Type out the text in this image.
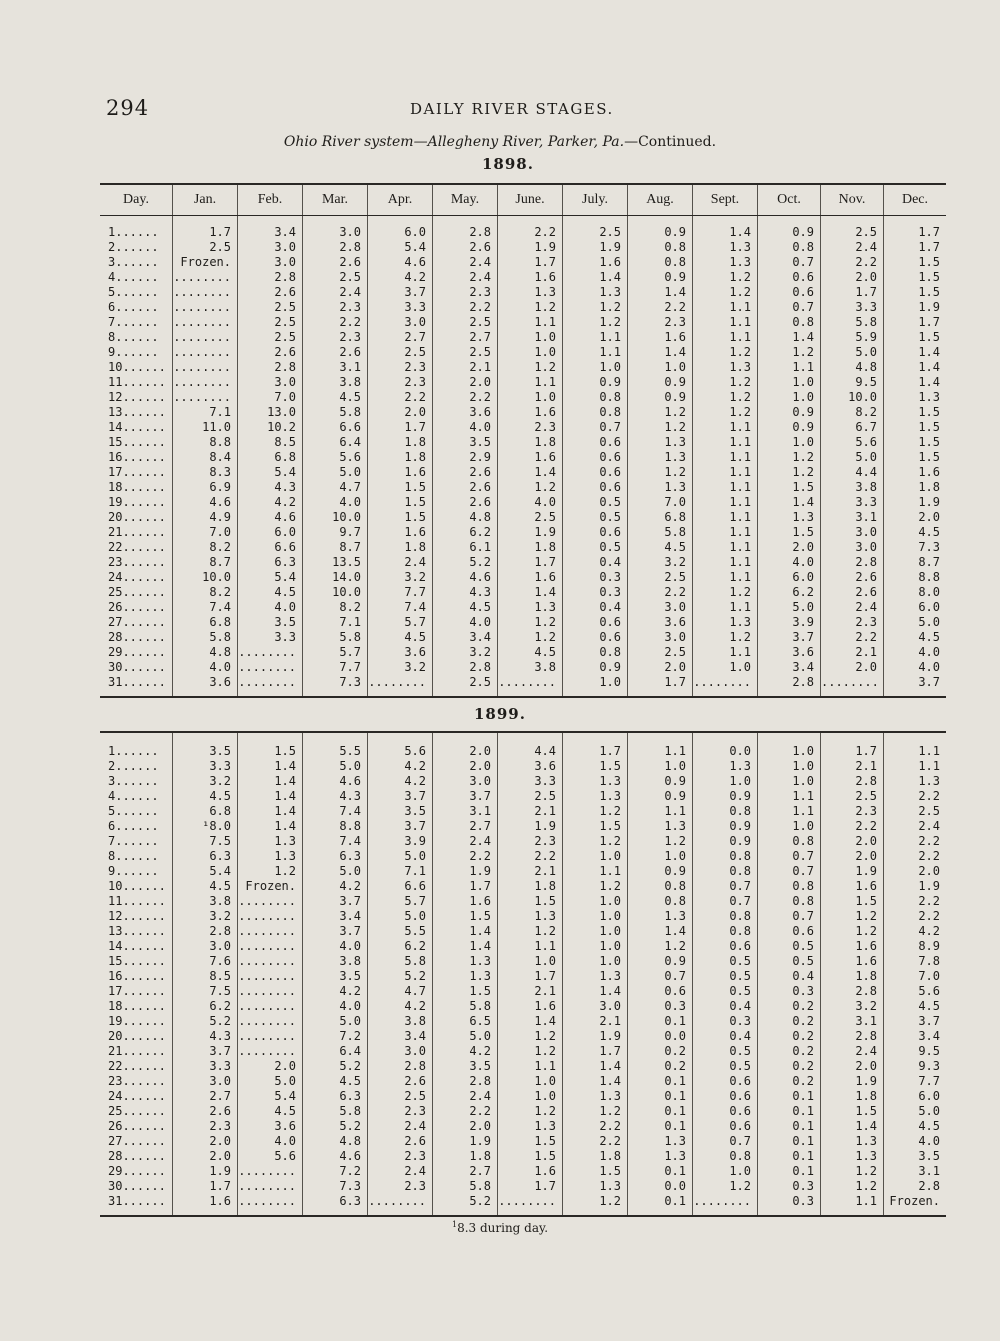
294	DAILY RIVER STAGES.
Ohio River system—Allegheny River, Parker, Pa.—Continued.
1898.
Day.	Jan.	Feb.	Mar.	Apr.	May.	June.	July.	Aug.	Sept.	Oct.	Nov.	Dec.
1......	1.7	3.4	3.0	6.0	2.8	2.2	2.5	0.9	1.4	0.9	2.5	1.7
2......	2.5	3.0	2.8	5.4	2.6	1.9	1.9	0.8	1.3	0.8	2.4	1.7
3......	Frozen.	3.0	2.6	4.6	2.4	1.7	1.6	0.8	1.3	0.7	2.2	1.5
4......	........	2.8	2.5	4.2	2.4	1.6	1.4	0.9	1.2	0.6	2.0	1.5
5......	........	2.6	2.4	3.7	2.3	1.3	1.3	1.4	1.2	0.6	1.7	1.5
6......	........	2.5	2.3	3.3	2.2	1.2	1.2	2.2	1.1	0.7	3.3	1.9
7......	........	2.5	2.2	3.0	2.5	1.1	1.2	2.3	1.1	0.8	5.8	1.7
8......	........	2.5	2.3	2.7	2.7	1.0	1.1	1.6	1.1	1.4	5.9	1.5
9......	........	2.6	2.6	2.5	2.5	1.0	1.1	1.4	1.2	1.2	5.0	1.4
10......	........	2.8	3.1	2.3	2.1	1.2	1.0	1.0	1.3	1.1	4.8	1.4
11......	........	3.0	3.8	2.3	2.0	1.1	0.9	0.9	1.2	1.0	9.5	1.4
12......	........	7.0	4.5	2.2	2.2	1.0	0.8	0.9	1.2	1.0	10.0	1.3
13......	7.1	13.0	5.8	2.0	3.6	1.6	0.8	1.2	1.2	0.9	8.2	1.5
14......	11.0	10.2	6.6	1.7	4.0	2.3	0.7	1.2	1.1	0.9	6.7	1.5
15......	8.8	8.5	6.4	1.8	3.5	1.8	0.6	1.3	1.1	1.0	5.6	1.5
16......	8.4	6.8	5.6	1.8	2.9	1.6	0.6	1.3	1.1	1.2	5.0	1.5
17......	8.3	5.4	5.0	1.6	2.6	1.4	0.6	1.2	1.1	1.2	4.4	1.6
18......	6.9	4.3	4.7	1.5	2.6	1.2	0.6	1.3	1.1	1.5	3.8	1.8
19......	4.6	4.2	4.0	1.5	2.6	4.0	0.5	7.0	1.1	1.4	3.3	1.9
20......	4.9	4.6	10.0	1.5	4.8	2.5	0.5	6.8	1.1	1.3	3.1	2.0
21......	7.0	6.0	9.7	1.6	6.2	1.9	0.6	5.8	1.1	1.5	3.0	4.5
22......	8.2	6.6	8.7	1.8	6.1	1.8	0.5	4.5	1.1	2.0	3.0	7.3
23......	8.7	6.3	13.5	2.4	5.2	1.7	0.4	3.2	1.1	4.0	2.8	8.7
24......	10.0	5.4	14.0	3.2	4.6	1.6	0.3	2.5	1.1	6.0	2.6	8.8
25......	8.2	4.5	10.0	7.7	4.3	1.4	0.3	2.2	1.2	6.2	2.6	8.0
26......	7.4	4.0	8.2	7.4	4.5	1.3	0.4	3.0	1.1	5.0	2.4	6.0
27......	6.8	3.5	7.1	5.7	4.0	1.2	0.6	3.6	1.3	3.9	2.3	5.0
28......	5.8	3.3	5.8	4.5	3.4	1.2	0.6	3.0	1.2	3.7	2.2	4.5
29......	4.8	........	5.7	3.6	3.2	4.5	0.8	2.5	1.1	3.6	2.1	4.0
30......	4.0	........	7.7	3.2	2.8	3.8	0.9	2.0	1.0	3.4	2.0	4.0
31......	3.6	........	7.3	........	2.5	........	1.0	1.7	........	2.8	........	3.7
1899.

1......	3.5	1.5	5.5	5.6	2.0	4.4	1.7	1.1	0.0	1.0	1.7	1.1
2......	3.3	1.4	5.0	4.2	2.0	3.6	1.5	1.0	1.3	1.0	2.1	1.1
3......	3.2	1.4	4.6	4.2	3.0	3.3	1.3	0.9	1.0	1.0	2.8	1.3
4......	4.5	1.4	4.3	3.7	3.7	2.5	1.3	0.9	0.9	1.1	2.5	2.2
5......	6.8	1.4	7.4	3.5	3.1	2.1	1.2	1.1	0.8	1.1	2.3	2.5
6......	¹8.0	1.4	8.8	3.7	2.7	1.9	1.5	1.3	0.9	1.0	2.2	2.4
7......	7.5	1.3	7.4	3.9	2.4	2.3	1.2	1.2	0.9	0.8	2.0	2.2
8......	6.3	1.3	6.3	5.0	2.2	2.2	1.0	1.0	0.8	0.7	2.0	2.2
9......	5.4	1.2	5.0	7.1	1.9	2.1	1.1	0.9	0.8	0.7	1.9	2.0
10......	4.5	Frozen.	4.2	6.6	1.7	1.8	1.2	0.8	0.7	0.8	1.6	1.9
11......	3.8	........	3.7	5.7	1.6	1.5	1.0	0.8	0.7	0.8	1.5	2.2
12......	3.2	........	3.4	5.0	1.5	1.3	1.0	1.3	0.8	0.7	1.2	2.2
13......	2.8	........	3.7	5.5	1.4	1.2	1.0	1.4	0.8	0.6	1.2	4.2
14......	3.0	........	4.0	6.2	1.4	1.1	1.0	1.2	0.6	0.5	1.6	8.9
15......	7.6	........	3.8	5.8	1.3	1.0	1.0	0.9	0.5	0.5	1.6	7.8
16......	8.5	........	3.5	5.2	1.3	1.7	1.3	0.7	0.5	0.4	1.8	7.0
17......	7.5	........	4.2	4.7	1.5	2.1	1.4	0.6	0.5	0.3	2.8	5.6
18......	6.2	........	4.0	4.2	5.8	1.6	3.0	0.3	0.4	0.2	3.2	4.5
19......	5.2	........	5.0	3.8	6.5	1.4	2.1	0.1	0.3	0.2	3.1	3.7
20......	4.3	........	7.2	3.4	5.0	1.2	1.9	0.0	0.4	0.2	2.8	3.4
21......	3.7	........	6.4	3.0	4.2	1.2	1.7	0.2	0.5	0.2	2.4	9.5
22......	3.3	2.0	5.2	2.8	3.5	1.1	1.4	0.2	0.5	0.2	2.0	9.3
23......	3.0	5.0	4.5	2.6	2.8	1.0	1.4	0.1	0.6	0.2	1.9	7.7
24......	2.7	5.4	6.3	2.5	2.4	1.0	1.3	0.1	0.6	0.1	1.8	6.0
25......	2.6	4.5	5.8	2.3	2.2	1.2	1.2	0.1	0.6	0.1	1.5	5.0
26......	2.3	3.6	5.2	2.4	2.0	1.3	2.2	0.1	0.6	0.1	1.4	4.5
27......	2.0	4.0	4.8	2.6	1.9	1.5	2.2	1.3	0.7	0.1	1.3	4.0
28......	2.0	5.6	4.6	2.3	1.8	1.5	1.8	1.3	0.8	0.1	1.3	3.5
29......	1.9	........	7.2	2.4	2.7	1.6	1.5	0.1	1.0	0.1	1.2	3.1
30......	1.7	........	7.3	2.3	5.8	1.7	1.3	0.0	1.2	0.3	1.2	2.8
31......	1.6	........	6.3	........	5.2	........	1.2	0.1	........	0.3	1.1	Frozen.
$^1$8.3 during day.
